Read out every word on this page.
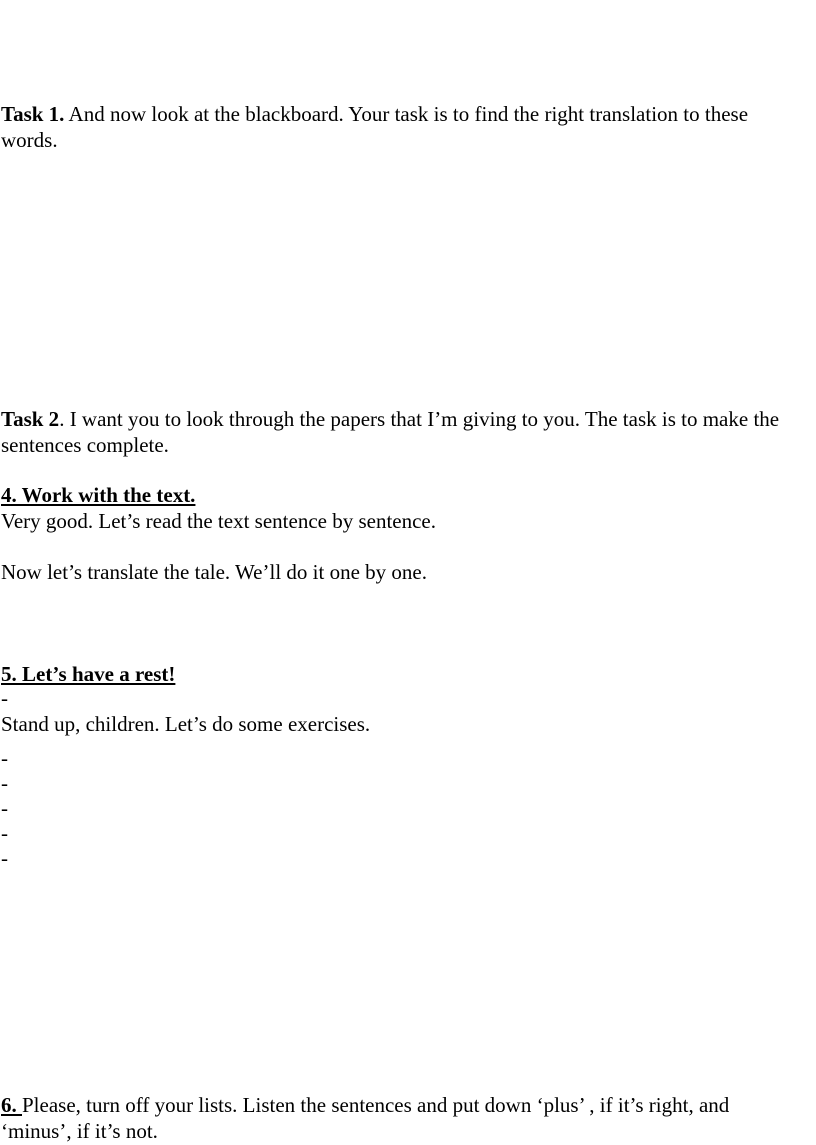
Task 1. And now look at the blackboard. Your task is to find the right translation to these words.
Task 2. I want you to look through the papers that I’m giving to you. The task is to make the sentences complete.
4. Work with the text.
Very good. Let’s read the text sentence by sentence.
Now let’s translate the tale. We’ll do it one by one.
5. Let’s have a rest!
-
Stand up, children. Let’s do some exercises.
-
-
-
-
-
6. Please, turn off your lists. Listen the sentences and put down ‘plus’ , if it’s right, and ‘minus’, if it’s not.
